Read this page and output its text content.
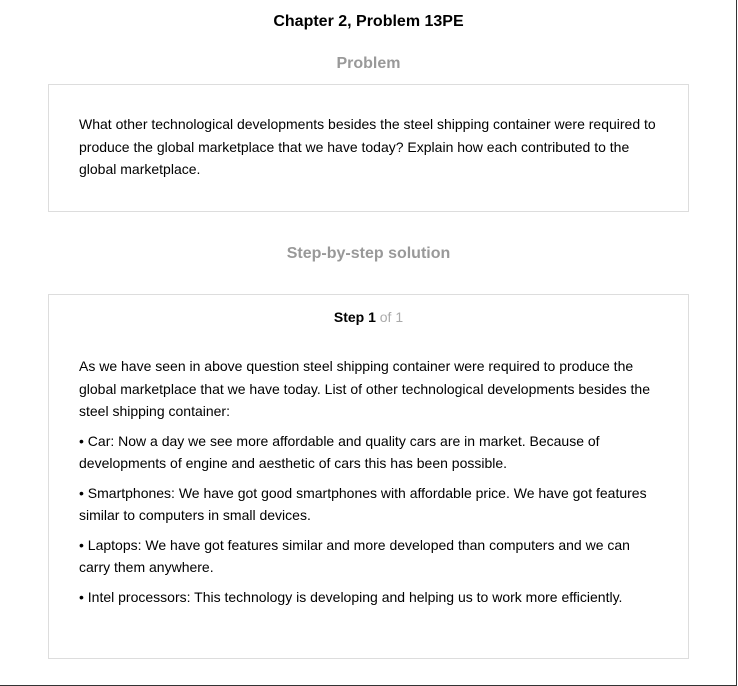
Chapter 2, Problem 13PE
Problem

What other technological developments besides the steel shipping container were required to produce the global marketplace that we have today? Explain how each contributed to the global marketplace.

Step-by-step solution
Step 1 of 1

As we have seen in above question steel shipping container were required to produce the global marketplace that we have today. List of other technological developments besides the steel shipping container:

• Car: Now a day we see more affordable and quality cars are in market. Because of developments of engine and aesthetic of cars this has been possible.

• Smartphones: We have got good smartphones with affordable price. We have got features similar to computers in small devices.

• Laptops: We have got features similar and more developed than computers and we can carry them anywhere.

• Intel processors: This technology is developing and helping us to work more efficiently.
